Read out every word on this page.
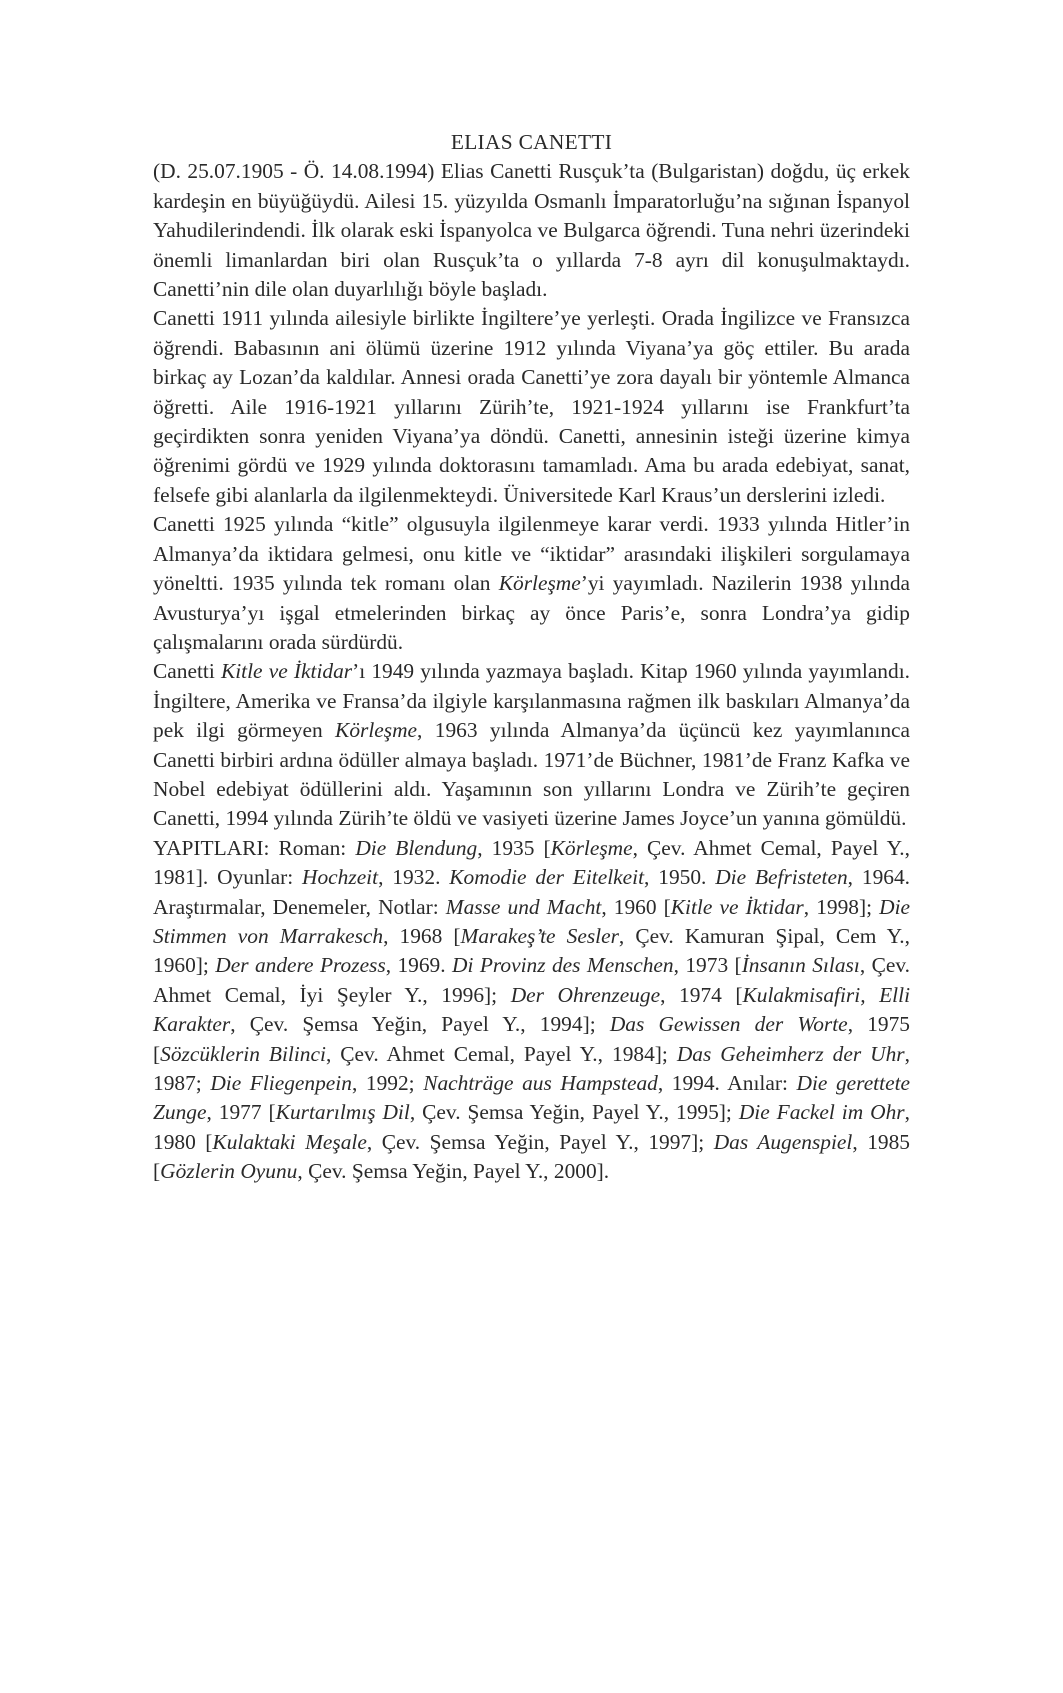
ELIAS CANETTI

(D. 25.07.1905 - Ö. 14.08.1994) Elias Canetti Rusçuk’ta (Bulgaristan) doğdu, üç erkek kardeşin en büyüğüydü. Ailesi 15. yüzyılda Osmanlı İmparatorluğu’na sığınan İspanyol Yahudilerindendi. İlk olarak eski İspanyolca ve Bulgarca öğrendi. Tuna nehri üzerindeki önemli limanlardan biri olan Rusçuk’ta o yıllarda 7-8 ayrı dil konuşulmaktaydı. Canetti’nin dile olan duyarlılığı böyle başladı.

Canetti 1911 yılında ailesiyle birlikte İngiltere’ye yerleşti. Orada İngilizce ve Fransızca öğrendi. Babasının ani ölümü üzerine 1912 yılında Viyana’ya göç ettiler. Bu arada birkaç ay Lozan’da kaldılar. Annesi orada Canetti’ye zora dayalı bir yöntemle Almanca öğretti. Aile 1916-1921 yıllarını Zürih’te, 1921-1924 yıllarını ise Frankfurt’ta geçirdikten sonra yeniden Viyana’ya döndü. Canetti, annesinin isteği üzerine kimya öğrenimi gördü ve 1929 yılında doktorasını tamamladı. Ama bu arada edebiyat, sanat, felsefe gibi alanlarla da ilgilenmekteydi. Üniversitede Karl Kraus’un derslerini izledi.

Canetti 1925 yılında “kitle” olgusuyla ilgilenmeye karar verdi. 1933 yılında Hitler’in Almanya’da iktidara gelmesi, onu kitle ve “iktidar” arasındaki ilişkileri sorgulamaya yöneltti. 1935 yılında tek romanı olan Körleşme’yi yayımladı. Nazilerin 1938 yılında Avusturya’yı işgal etmelerinden birkaç ay önce Paris’e, sonra Londra’ya gidip çalışmalarını orada sürdürdü.

Canetti Kitle ve İktidar’ı 1949 yılında yazmaya başladı. Kitap 1960 yılında yayımlandı. İngiltere, Amerika ve Fransa’da ilgiyle karşılanmasına rağmen ilk baskıları Almanya’da pek ilgi görmeyen Körleşme, 1963 yılında Almanya’da üçüncü kez yayımlanınca Canetti birbiri ardına ödüller almaya başladı. 1971’de Büchner, 1981’de Franz Kafka ve Nobel edebiyat ödüllerini aldı. Yaşamının son yıllarını Londra ve Zürih’te geçiren Canetti, 1994 yılında Zürih’te öldü ve vasiyeti üzerine James Joyce’un yanına gömüldü.

YAPITLARI: Roman: Die Blendung, 1935 [Körleşme, Çev. Ahmet Cemal, Payel Y., 1981]. Oyunlar: Hochzeit, 1932. Komodie der Eitelkeit, 1950. Die Befristeten, 1964. Araştırmalar, Denemeler, Notlar: Masse und Macht, 1960 [Kitle ve İktidar, 1998]; Die Stimmen von Marrakesch, 1968 [Marakeş’te Sesler, Çev. Kamuran Şipal, Cem Y., 1960]; Der andere Prozess, 1969. Di Provinz des Menschen, 1973 [İnsanın Sılası, Çev. Ahmet Cemal, İyi Şeyler Y., 1996]; Der Ohrenzeuge, 1974 [Kulakmisafiri, Elli Karakter, Çev. Şemsa Yeğin, Payel Y., 1994]; Das Gewissen der Worte, 1975 [Sözcüklerin Bilinci, Çev. Ahmet Cemal, Payel Y., 1984]; Das Geheimherz der Uhr, 1987; Die Fliegenpein, 1992; Nachträge aus Hampstead, 1994. Anılar: Die gerettete Zunge, 1977 [Kurtarılmış Dil, Çev. Şemsa Yeğin, Payel Y., 1995]; Die Fackel im Ohr, 1980 [Kulaktaki Meşale, Çev. Şemsa Yeğin, Payel Y., 1997]; Das Augenspiel, 1985 [Gözlerin Oyunu, Çev. Şemsa Yeğin, Payel Y., 2000].
